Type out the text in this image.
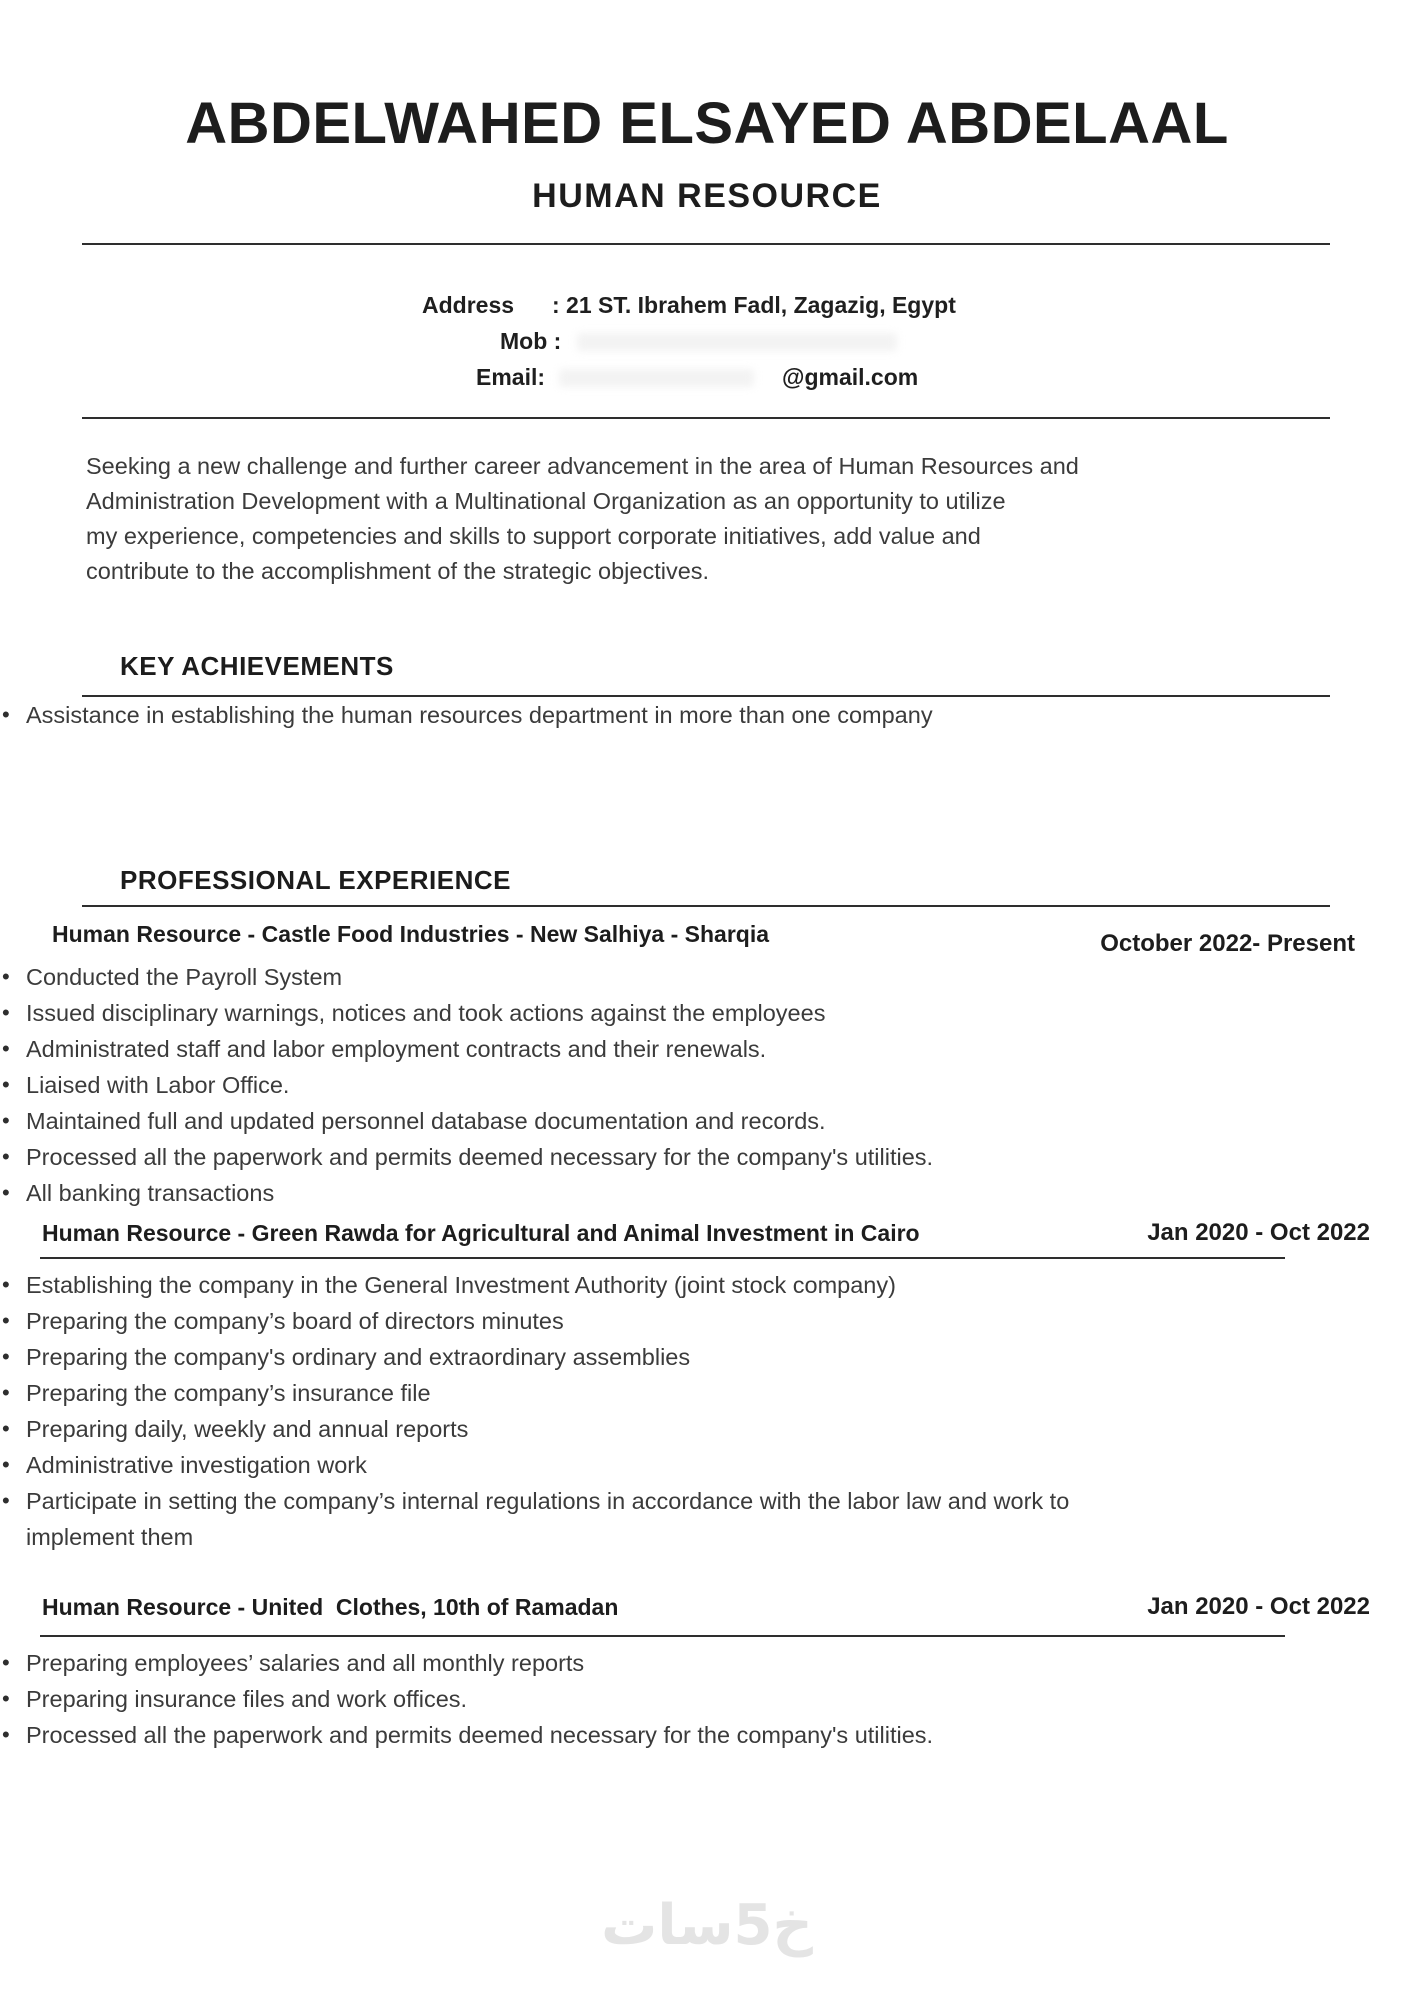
ABDELWAHED ELSAYED ABDELAAL
HUMAN RESOURCE
Address : 21 ST. Ibrahem Fadl, Zagazig, Egypt
Mob :
Email:	@gmail.com
Seeking a new challenge and further career advancement in the area of Human Resources and
Administration Development with a Multinational Organization as an opportunity to utilize
my experience, competencies and skills to support corporate initiatives, add value and
contribute to the accomplishment of the strategic objectives.
KEY ACHIEVEMENTS
• Assistance in establishing the human resources department in more than one company
PROFESSIONAL EXPERIENCE
Human Resource - Castle Food Industries - New Salhiya - Sharqia	October 2022- Present
• Conducted the Payroll System
• Issued disciplinary warnings, notices and took actions against the employees
• Administrated staff and labor employment contracts and their renewals.
• Liaised with Labor Office.
• Maintained full and updated personnel database documentation and records.
• Processed all the paperwork and permits deemed necessary for the company's utilities.
• All banking transactions
Human Resource - Green Rawda for Agricultural and Animal Investment in Cairo	Jan 2020 - Oct 2022
• Establishing the company in the General Investment Authority (joint stock company)
• Preparing the company’s board of directors minutes
• Preparing the company's ordinary and extraordinary assemblies
• Preparing the company’s insurance file
• Preparing daily, weekly and annual reports
• Administrative investigation work
• Participate in setting the company’s internal regulations in accordance with the labor law and work to implement them
Human Resource - United  Clothes, 10th of Ramadan	Jan 2020 - Oct 2022
• Preparing employees’ salaries and all monthly reports
• Preparing insurance files and work offices.
• Processed all the paperwork and permits deemed necessary for the company's utilities.
خ5سات
